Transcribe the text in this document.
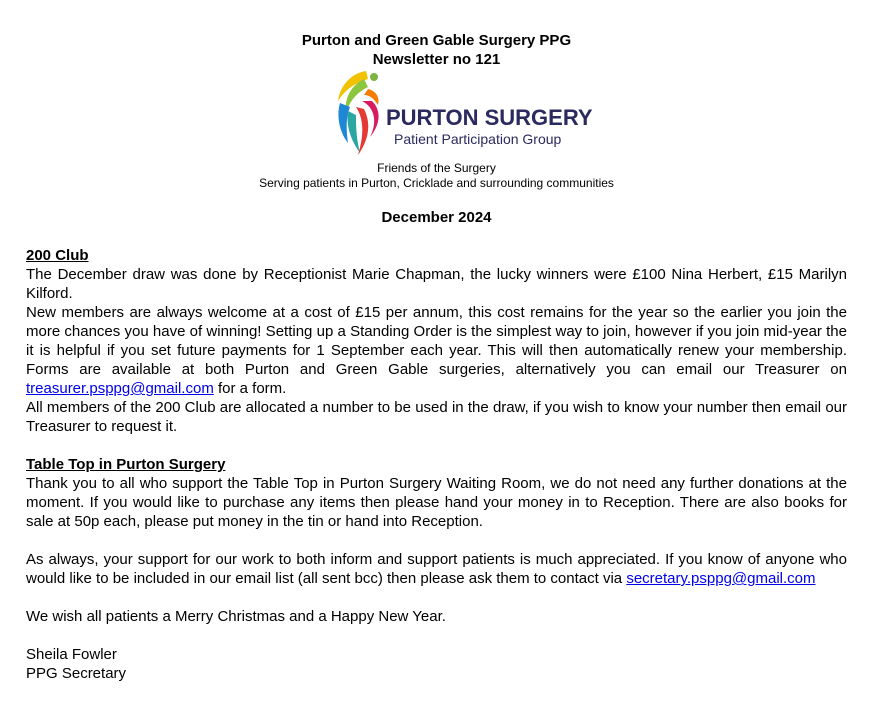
Purton and Green Gable Surgery PPG
Newsletter no 121
PURTON SURGERY
Patient Participation Group
Friends of the Surgery
Serving patients in Purton, Cricklade and surrounding communities
December 2024
200 Club

The December draw was done by Receptionist Marie Chapman, the lucky winners were £100 Nina Herbert, £15 Marilyn Kilford.

New members are always welcome at a cost of £15 per annum, this cost remains for the year so the earlier you join the more chances you have of winning! Setting up a Standing Order is the simplest way to join, however if you join mid-year the it is helpful if you set future payments for 1 September each year. This will then automatically renew your membership. Forms are available at both Purton and Green Gable surgeries, alternatively you can email our Treasurer on treasurer.psppg@gmail.com for a form.

All members of the 200 Club are allocated a number to be used in the draw, if you wish to know your number then email our Treasurer to request it.

Table Top in Purton Surgery

Thank you to all who support the Table Top in Purton Surgery Waiting Room, we do not need any further donations at the moment. If you would like to purchase any items then please hand your money in to Reception. There are also books for sale at 50p each, please put money in the tin or hand into Reception.

As always, your support for our work to both inform and support patients is much appreciated. If you know of anyone who would like to be included in our email list (all sent bcc) then please ask them to contact via secretary.psppg@gmail.com

We wish all patients a Merry Christmas and a Happy New Year.

Sheila Fowler
PPG Secretary
